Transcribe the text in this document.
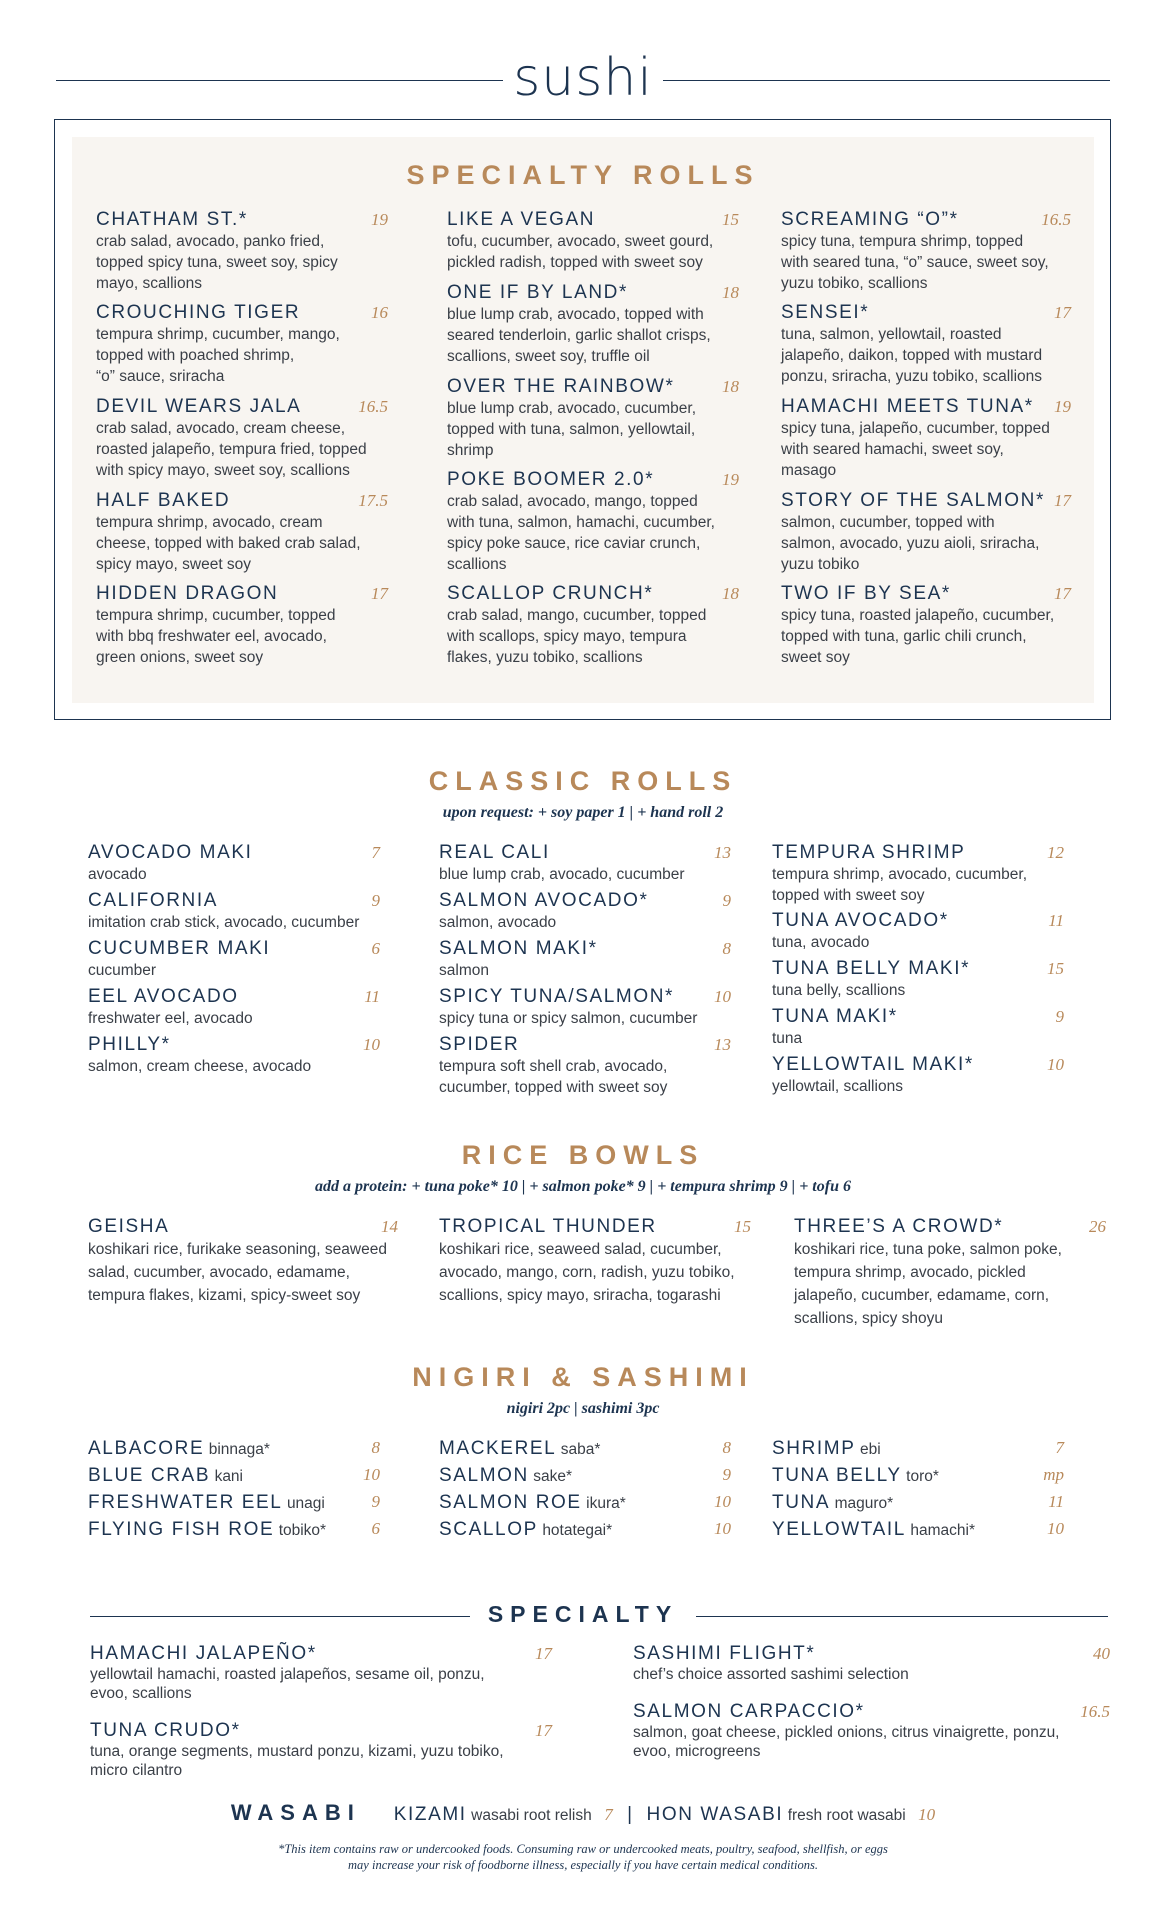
sushi
SPECIALTY ROLLS
CHATHAM ST.*	19
crab salad, avocado, panko fried,
topped spicy tuna, sweet soy, spicy
mayo, scallions
CROUCHING TIGER	16
tempura shrimp, cucumber, mango,
topped with poached shrimp,
“o” sauce, sriracha
DEVIL WEARS JALA	16.5
crab salad, avocado, cream cheese,
roasted jalapeño, tempura fried, topped
with spicy mayo, sweet soy, scallions
HALF BAKED	17.5
tempura shrimp, avocado, cream
cheese, topped with baked crab salad,
spicy mayo, sweet soy
HIDDEN DRAGON	17
tempura shrimp, cucumber, topped
with bbq freshwater eel, avocado,
green onions, sweet soy
LIKE A VEGAN	15
tofu, cucumber, avocado, sweet gourd,
pickled radish, topped with sweet soy
ONE IF BY LAND*	18
blue lump crab, avocado, topped with
seared tenderloin, garlic shallot crisps,
scallions, sweet soy, truffle oil
OVER THE RAINBOW*	18
blue lump crab, avocado, cucumber,
topped with tuna, salmon, yellowtail,
shrimp
POKE BOOMER 2.0*	19
crab salad, avocado, mango, topped
with tuna, salmon, hamachi, cucumber,
spicy poke sauce, rice caviar crunch,
scallions
SCALLOP CRUNCH*	18
crab salad, mango, cucumber, topped
with scallops, spicy mayo, tempura
flakes, yuzu tobiko, scallions
SCREAMING “O”*	16.5
spicy tuna, tempura shrimp, topped
with seared tuna, “o” sauce, sweet soy,
yuzu tobiko, scallions
SENSEI*	17
tuna, salmon, yellowtail, roasted
jalapeño, daikon, topped with mustard
ponzu, sriracha, yuzu tobiko, scallions
HAMACHI MEETS TUNA*	19
spicy tuna, jalapeño, cucumber, topped
with seared hamachi, sweet soy,
masago
STORY OF THE SALMON* 17
salmon, cucumber, topped with
salmon, avocado, yuzu aioli, sriracha,
yuzu tobiko
TWO IF BY SEA*	17
spicy tuna, roasted jalapeño, cucumber,
topped with tuna, garlic chili crunch,
sweet soy
CLASSIC ROLLS
upon request: + soy paper 1 | + hand roll 2
AVOCADO MAKI	7
avocado
CALIFORNIA	9
imitation crab stick, avocado, cucumber
CUCUMBER MAKI	6
cucumber
EEL AVOCADO	11
freshwater eel, avocado
PHILLY*	10
salmon, cream cheese, avocado
REAL CALI	13
blue lump crab, avocado, cucumber
SALMON AVOCADO*	9
salmon, avocado
SALMON MAKI*	8
salmon
SPICY TUNA/SALMON*	10
spicy tuna or spicy salmon, cucumber
SPIDER	13
tempura soft shell crab, avocado,
cucumber, topped with sweet soy
TEMPURA SHRIMP	12
tempura shrimp, avocado, cucumber,
topped with sweet soy
TUNA AVOCADO*	11
tuna, avocado
TUNA BELLY MAKI*	15
tuna belly, scallions
TUNA MAKI*	9
tuna
YELLOWTAIL MAKI*	10
yellowtail, scallions
RICE BOWLS
add a protein: + tuna poke* 10 | + salmon poke* 9 | + tempura shrimp 9 | + tofu 6
GEISHA	14
koshikari rice, furikake seasoning, seaweed
salad, cucumber, avocado, edamame,
tempura flakes, kizami, spicy-sweet soy
TROPICAL THUNDER	15
koshikari rice, seaweed salad, cucumber,
avocado, mango, corn, radish, yuzu tobiko,
scallions, spicy mayo, sriracha, togarashi
THREE’S A CROWD*	26
koshikari rice, tuna poke, salmon poke,
tempura shrimp, avocado, pickled
jalapeño, cucumber, edamame, corn,
scallions, spicy shoyu
NIGIRI & SASHIMI
nigiri 2pc | sashimi 3pc
ALBACORE binnaga*	8
BLUE CRAB kani	10
FRESHWATER EEL unagi	9
FLYING FISH ROE tobiko*	6
MACKEREL saba*	8
SALMON sake*	9
SALMON ROE ikura*	10
SCALLOP hotategai*	10
SHRIMP ebi	7
TUNA BELLY toro*	mp
TUNA maguro*	11
YELLOWTAIL hamachi*	10
SPECIALTY
HAMACHI JALAPEÑO*	17
yellowtail hamachi, roasted jalapeños, sesame oil, ponzu,
evoo, scallions
TUNA CRUDO*	17
tuna, orange segments, mustard ponzu, kizami, yuzu tobiko,
micro cilantro
SASHIMI FLIGHT*	40
chef’s choice assorted sashimi selection
SALMON CARPACCIO*	16.5
salmon, goat cheese, pickled onions, citrus vinaigrette, ponzu,
evoo, microgreens
WASABI KIZAMI wasabi root relish 7 | HON WASABI fresh root wasabi 10
*This item contains raw or undercooked foods. Consuming raw or undercooked meats, poultry, seafood, shellfish, or eggs
may increase your risk of foodborne illness, especially if you have certain medical conditions.
